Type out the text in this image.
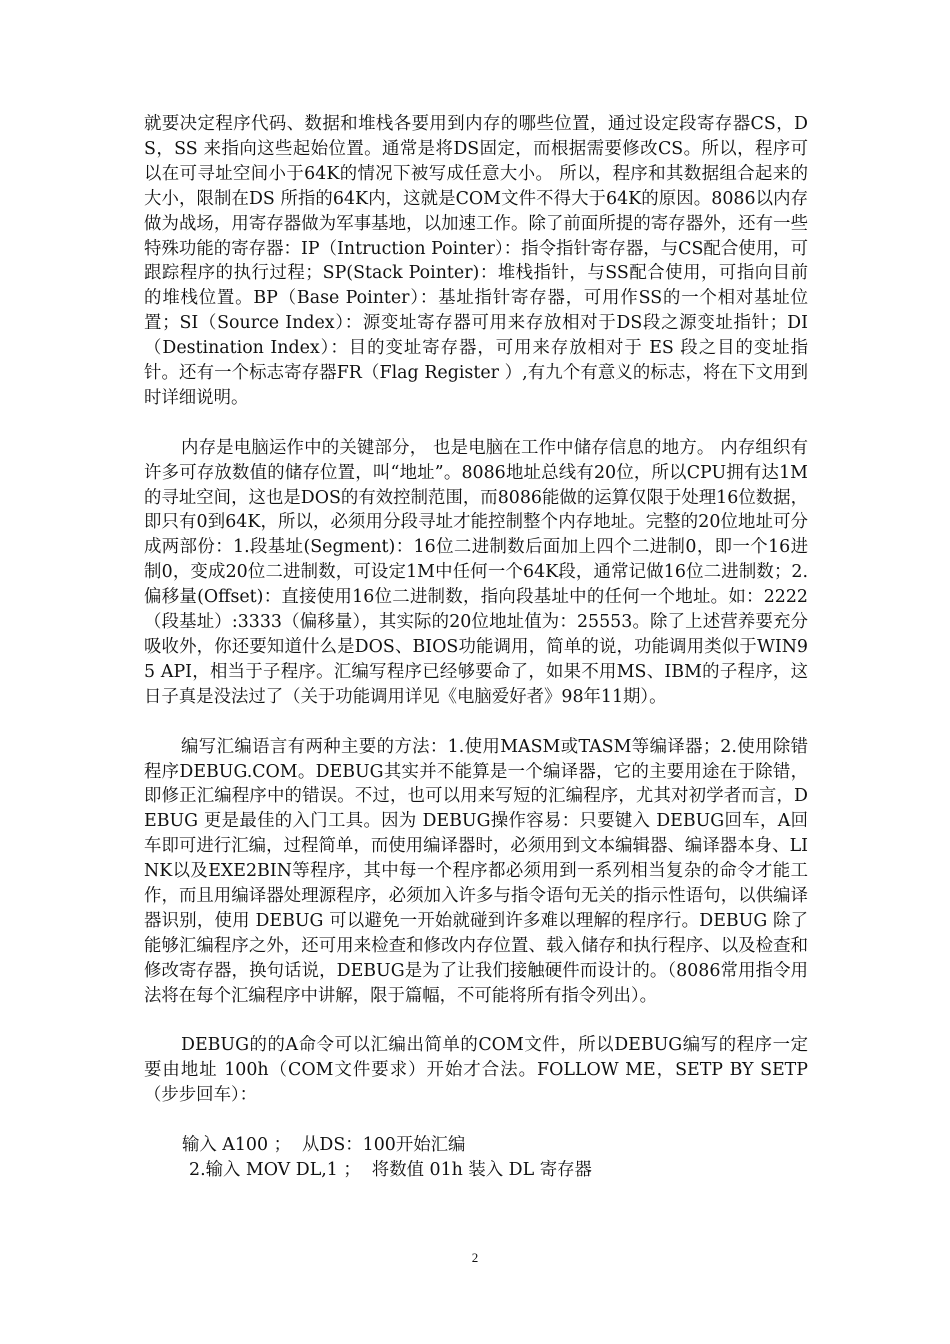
就要决定程序代码、数据和堆栈各要用到内存的哪些位置，通过设定段寄存器CS，DS，SS 来指向这些起始位置。通常是将DS固定，而根据需要修改CS。所以，程序可以在可寻址空间小于64K的情况下被写成任意大小。 所以，程序和其数据组合起来的大小，限制在DS 所指的64K内，这就是COM文件不得大于64K的原因。8086以内存做为战场，用寄存器做为军事基地，以加速工作。除了前面所提的寄存器外，还有一些特殊功能的寄存器：IP（Intruction Pointer）：指令指针寄存器，与CS配合使用，可跟踪程序的执行过程；SP(Stack Pointer)：堆栈指针，与SS配合使用，可指向目前的堆栈位置。BP（Base Pointer）：基址指针寄存器，可用作SS的一个相对基址位置；SI（Source Index）：源变址寄存器可用来存放相对于DS段之源变址指针；DI（Destination Index）：目的变址寄存器，可用来存放相对于 ES 段之目的变址指针。还有一个标志寄存器FR（Flag Register ）,有九个有意义的标志，将在下文用到时详细说明。

内存是电脑运作中的关键部分， 也是电脑在工作中储存信息的地方。 内存组织有许多可存放数值的储存位置，叫“地址”。8086地址总线有20位，所以CPU拥有达1M的寻址空间，这也是DOS的有效控制范围，而8086能做的运算仅限于处理16位数据，即只有0到64K，所以，必须用分段寻址才能控制整个内存地址。完整的20位地址可分成两部份：1.段基址(Segment)：16位二进制数后面加上四个二进制0，即一个16进制0，变成20位二进制数，可设定1M中任何一个64K段，通常记做16位二进制数；2.偏移量(Offset)：直接使用16位二进制数，指向段基址中的任何一个地址。如：2222（段基址）:3333（偏移量），其实际的20位地址值为：25553。除了上述营养要充分吸收外，你还要知道什么是DOS、BIOS功能调用，简单的说，功能调用类似于WIN95 API，相当于子程序。汇编写程序已经够要命了，如果不用MS、IBM的子程序，这日子真是没法过了（关于功能调用详见《电脑爱好者》98年11期）。

编写汇编语言有两种主要的方法：1.使用MASM或TASM等编译器；2.使用除错程序DEBUG.COM。DEBUG其实并不能算是一个编译器，它的主要用途在于除错，即修正汇编程序中的错误。不过，也可以用来写短的汇编程序，尤其对初学者而言，DEBUG 更是最佳的入门工具。因为 DEBUG操作容易：只要键入 DEBUG回车，A回车即可进行汇编，过程简单，而使用编译器时，必须用到文本编辑器、编译器本身、LINK以及EXE2BIN等程序，其中每一个程序都必须用到一系列相当复杂的命令才能工作，而且用编译器处理源程序，必须加入许多与指令语句无关的指示性语句，以供编译器识别，使用 DEBUG 可以避免一开始就碰到许多难以理解的程序行。DEBUG 除了能够汇编程序之外，还可用来检查和修改内存位置、载入储存和执行程序、以及检查和修改寄存器，换句话说，DEBUG是为了让我们接触硬件而设计的。（8086常用指令用法将在每个汇编程序中讲解，限于篇幅，不可能将所有指令列出）。

DEBUG的的A命令可以汇编出简单的COM文件，所以DEBUG编写的程序一定要由地址 100h（COM文件要求）开始才合法。FOLLOW ME，SETP BY SETP（步步回车）：

输入 A100 ；  从DS：100开始汇编

2.输入 MOV DL,1 ；  将数值 01h 装入 DL 寄存器

2
